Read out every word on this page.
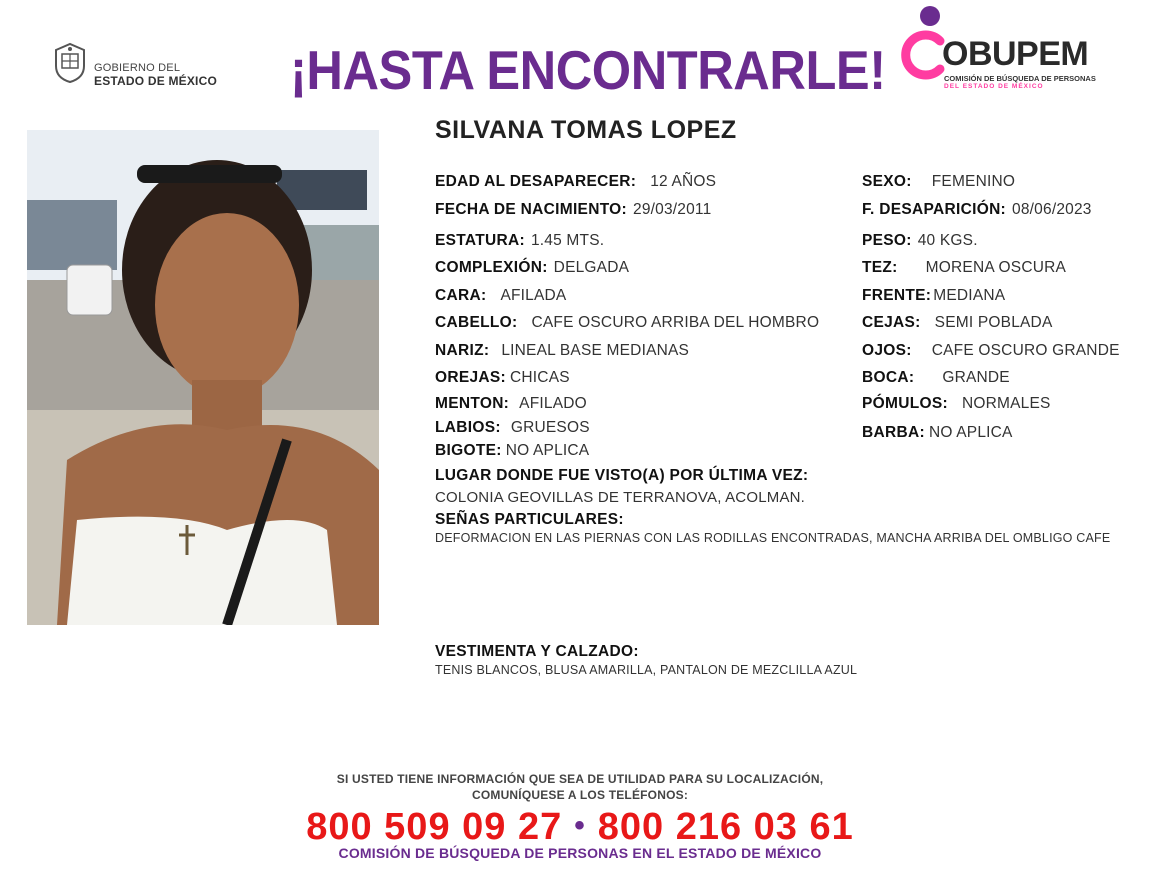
GOBIERNO DEL
ESTADO DE MÉXICO ¡HASTA ENCONTRARLE! OBUPEM
COMISIÓN DE BÚSQUEDA DE PERSONAS
DEL ESTADO DE MÉXICO
SILVANA TOMAS LOPEZ
EDAD AL DESAPARECER: 12 AÑOS
FECHA DE NACIMIENTO: 29/03/2011
ESTATURA: 1.45 MTS.
COMPLEXIÓN: DELGADA
CARA: AFILADA
CABELLO: CAFE OSCURO ARRIBA DEL HOMBRO
NARIZ: LINEAL BASE MEDIANAS
OREJAS: CHICAS
MENTON: AFILADO
LABIOS: GRUESOS
BIGOTE: NO APLICA
SEXO: FEMENINO
F. DESAPARICIÓN: 08/06/2023
PESO: 40 KGS.
TEZ: MORENA OSCURA
FRENTE: MEDIANA
CEJAS: SEMI POBLADA
OJOS: CAFE OSCURO GRANDE
BOCA: GRANDE
PÓMULOS: NORMALES
BARBA: NO APLICA
LUGAR DONDE FUE VISTO(A) POR ÚLTIMA VEZ:
COLONIA GEOVILLAS DE TERRANOVA, ACOLMAN.
SEÑAS PARTICULARES:
DEFORMACION EN LAS PIERNAS CON LAS RODILLAS ENCONTRADAS, MANCHA ARRIBA DEL OMBLIGO CAFE
VESTIMENTA Y CALZADO:
TENIS BLANCOS, BLUSA AMARILLA, PANTALON DE MEZCLILLA AZUL
SI USTED TIENE INFORMACIÓN QUE SEA DE UTILIDAD PARA SU LOCALIZACIÓN,
COMUNÍQUESE A LOS TELÉFONOS:
800 509 09 27 • 800 216 03 61
COMISIÓN DE BÚSQUEDA DE PERSONAS EN EL ESTADO DE MÉXICO
